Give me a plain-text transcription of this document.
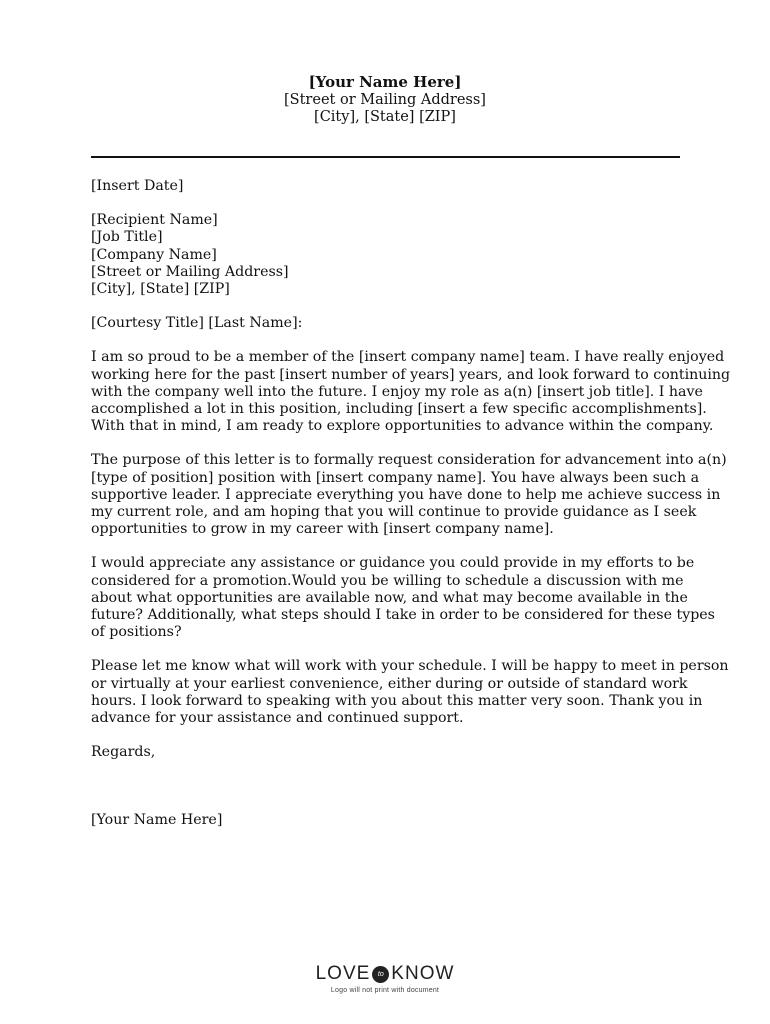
[Your Name Here]
[Street or Mailing Address]
[City], [State] [ZIP]

[Insert Date]

[Recipient Name]
[Job Title]
[Company Name]
[Street or Mailing Address]
[City], [State] [ZIP]

[Courtesy Title] [Last Name]:

I am so proud to be a member of the [insert company name] team. I have really enjoyed
working here for the past [insert number of years] years, and look forward to continuing
with the company well into the future. I enjoy my role as a(n) [insert job title]. I have
accomplished a lot in this position, including [insert a few specific accomplishments].
With that in mind, I am ready to explore opportunities to advance within the company.

The purpose of this letter is to formally request consideration for advancement into a(n)
[type of position] position with [insert company name]. You have always been such a
supportive leader. I appreciate everything you have done to help me achieve success in
my current role, and am hoping that you will continue to provide guidance as I seek
opportunities to grow in my career with [insert company name].

I would appreciate any assistance or guidance you could provide in my efforts to be
considered for a promotion.Would you be willing to schedule a discussion with me
about what opportunities are available now, and what may become available in the
future? Additionally, what steps should I take in order to be considered for these types
of positions?

Please let me know what will work with your schedule. I will be happy to meet in person
or virtually at your earliest convenience, either during or outside of standard work
hours. I look forward to speaking with you about this matter very soon. Thank you in
advance for your assistance and continued support.

Regards,

[Your Name Here]

LOVE	to KNOW
Logo will not print with document
